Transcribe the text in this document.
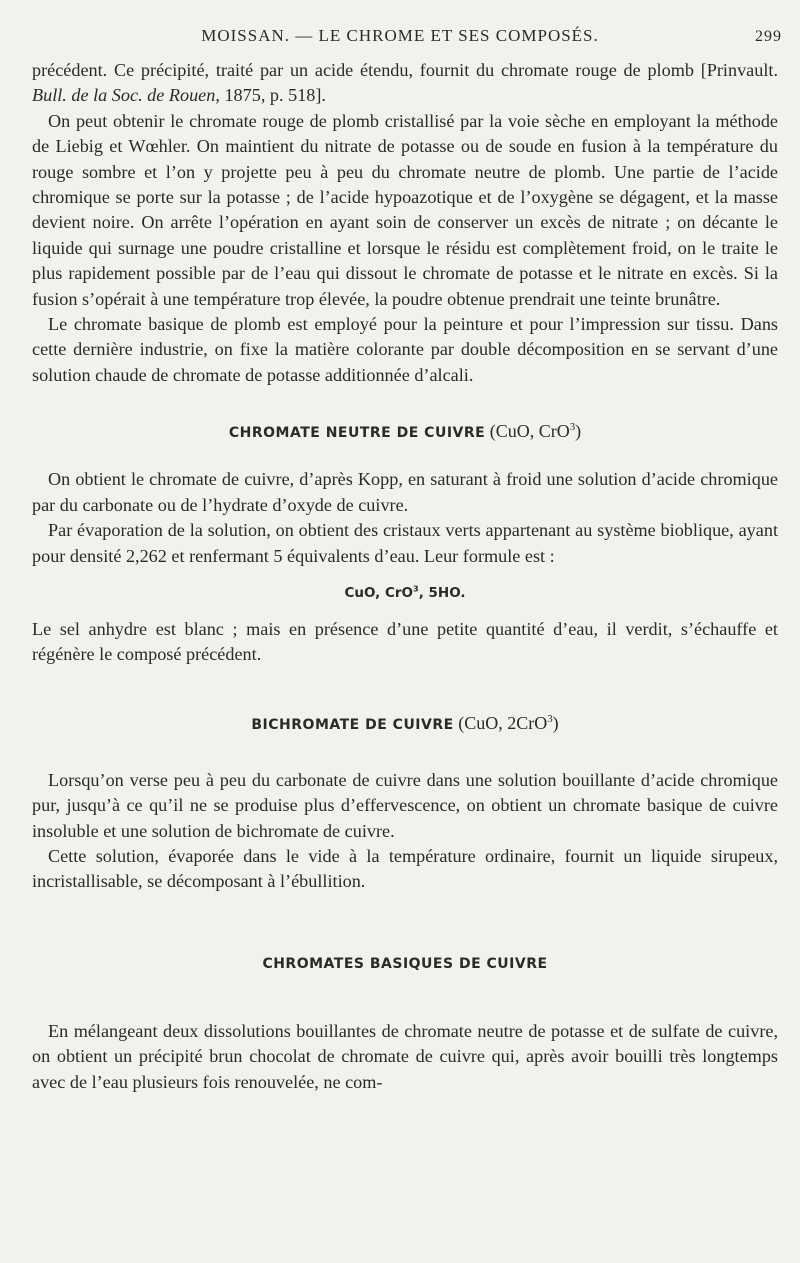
MOISSAN. — LE CHROME ET SES COMPOSÉS.	299

précédent. Ce précipité, traité par un acide étendu, fournit du chromate rouge de plomb [Prinvault. Bull. de la Soc. de Rouen, 1875, p. 518].

On peut obtenir le chromate rouge de plomb cristallisé par la voie sèche en employant la méthode de Liebig et Wœhler. On maintient du nitrate de potasse ou de soude en fusion à la température du rouge sombre et l’on y projette peu à peu du chromate neutre de plomb. Une partie de l’acide chromique se porte sur la potasse ; de l’acide hypoazotique et de l’oxygène se dégagent, et la masse devient noire. On arrête l’opération en ayant soin de conserver un excès de nitrate ; on décante le liquide qui surnage une poudre cristalline et lorsque le résidu est complètement froid, on le traite le plus rapidement possible par de l’eau qui dissout le chromate de potasse et le nitrate en excès. Si la fusion s’opérait à une température trop élevée, la poudre obtenue prendrait une teinte brunâtre.

Le chromate basique de plomb est employé pour la peinture et pour l’impression sur tissu. Dans cette dernière industrie, on fixe la matière colorante par double décomposition en se servant d’une solution chaude de chromate de potasse additionnée d’alcali.

CHROMATE NEUTRE DE CUIVRE (CuO, CrO$^3$)

On obtient le chromate de cuivre, d’après Kopp, en saturant à froid une solution d’acide chromique par du carbonate ou de l’hydrate d’oxyde de cuivre.

Par évaporation de la solution, on obtient des cristaux verts appartenant au système bioblique, ayant pour densité 2,262 et renfermant 5 équivalents d’eau. Leur formule est :

CuO, CrO$^3$, 5HO.

Le sel anhydre est blanc ; mais en présence d’une petite quantité d’eau, il verdit, s’échauffe et régénère le composé précédent.

BICHROMATE DE CUIVRE (CuO, 2CrO$^3$)

Lorsqu’on verse peu à peu du carbonate de cuivre dans une solution bouillante d’acide chromique pur, jusqu’à ce qu’il ne se produise plus d’effervescence, on obtient un chromate basique de cuivre insoluble et une solution de bichromate de cuivre.

Cette solution, évaporée dans le vide à la température ordinaire, fournit un liquide sirupeux, incristallisable, se décomposant à l’ébullition.

CHROMATES BASIQUES DE CUIVRE

En mélangeant deux dissolutions bouillantes de chromate neutre de potasse et de sulfate de cuivre, on obtient un précipité brun chocolat de chromate de cuivre qui, après avoir bouilli très longtemps avec de l’eau plusieurs fois renouvelée, ne com-
